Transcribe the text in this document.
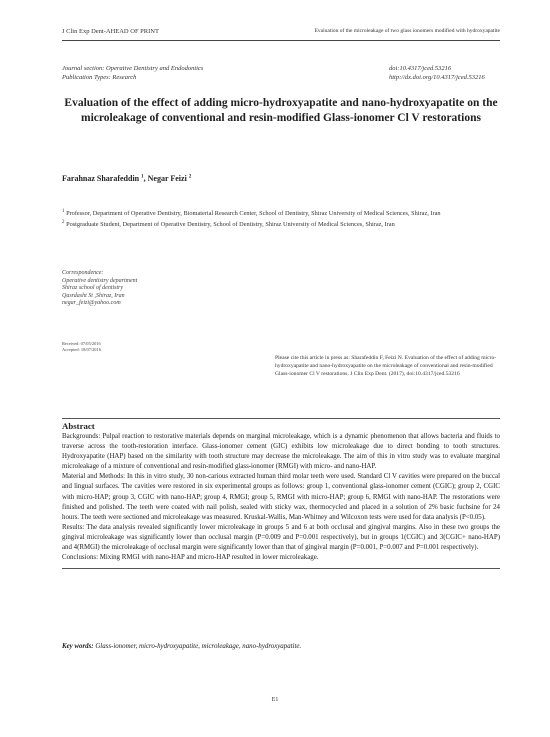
J Clin Exp Dent-AHEAD OF PRINT	Evaluation of the microleakage of two glass ionomers modified with hydroxyapatite
Journal section: Operative Dentistry and Endodontics
Publication Types: Research
doi:10.4317/jced.53216
http://dx.doi.org/10.4317/jced.53216
Evaluation of the effect of adding micro-hydroxyapatite and nano-hydroxyapatite on the microleakage of conventional and resin-modified Glass-ionomer Cl V restorations
Farahnaz Sharafeddin $^1$, Negar Feizi $^2$
$^1$ Professor, Department of Operative Dentistry, Biomaterial Research Center, School of Dentistry, Shiraz University of Medical Sciences, Shiraz, Iran
$^2$ Postgraduate Student, Department of Operative Dentistry, School of Dentistry, Shiraz University of Medical Sciences, Shiraz, Iran
Correspondence:
Operative dentistry department
Shiraz school of dentistry
Qasrdasht St ,Shiraz, Iran
negar_feizi@yahoo.com
Received: 07/05/2016
Accepted: 18/07/2016
Please cite this article in press as: Sharafeddin F, Feizi N. Evaluation of the effect of adding micro-hydroxyapatite and nano-hydroxyapatite on the microleakage of conventional and resin-modified Glass-ionomer Cl V restorations. J Clin Exp Dent. (2017), doi:10.4317/jced.53216
Abstract

Backgrounds: Pulpal reaction to restorative materials depends on marginal microleakage, which is a dynamic phenomenon that allows bacteria and fluids to traverse across the tooth-restoration interface. Glass-ionomer cement (GIC) exhibits low microleakage due to direct bonding to tooth structures. Hydroxyapatite (HAP) based on the similarity with tooth structure may decrease the microleakage. The aim of this in vitro study was to evaluate marginal microleakage of a mixture of conventional and resin-modified glass-ionomer (RMGI) with micro- and nano-HAP.

Material and Methods: In this in vitro study, 30 non-carious extracted human third molar teeth were used. Standard Cl V cavities were prepared on the buccal and lingual surfaces. The cavities were restored in six experimental groups as follows: group 1, conventional glass-ionomer cement (CGIC); group 2, CGIC with micro-HAP; group 3, CGIC with nano-HAP; group 4, RMGI; group 5, RMGI with micro-HAP; group 6, RMGI with nano-HAP. The restorations were finished and polished. The teeth were coated with nail polish, sealed with sticky wax, thermocycled and placed in a solution of 2% basic fuchsine for 24 hours. The teeth were sectioned and microleakage was measured. Kruskal-Wallis, Man-Whitney and Wilcoxon tests were used for data analysis (P<0.05).

Results: The data analysis revealed significantly lower microleakage in groups 5 and 6 at both occlusal and gingival margins. Also in these two groups the gingival microleakage was significantly lower than occlusal margin (P=0.009 and P=0.001 respectively), but in groups 1(CGIC) and 3(CGIC+ nano-HAP) and 4(RMGI) the microleakage of occlusal margin were significantly lower than that of gingival margin (P=0.001, P=0.007 and P=0.001 respectively).

Conclusions: Mixing RMGI with nano-HAP and micro-HAP resulted in lower microleakage.

Key words: Glass-ionomer, micro-hydroxyapatite, microleakage, nano-hydroxyapatite.
E1
